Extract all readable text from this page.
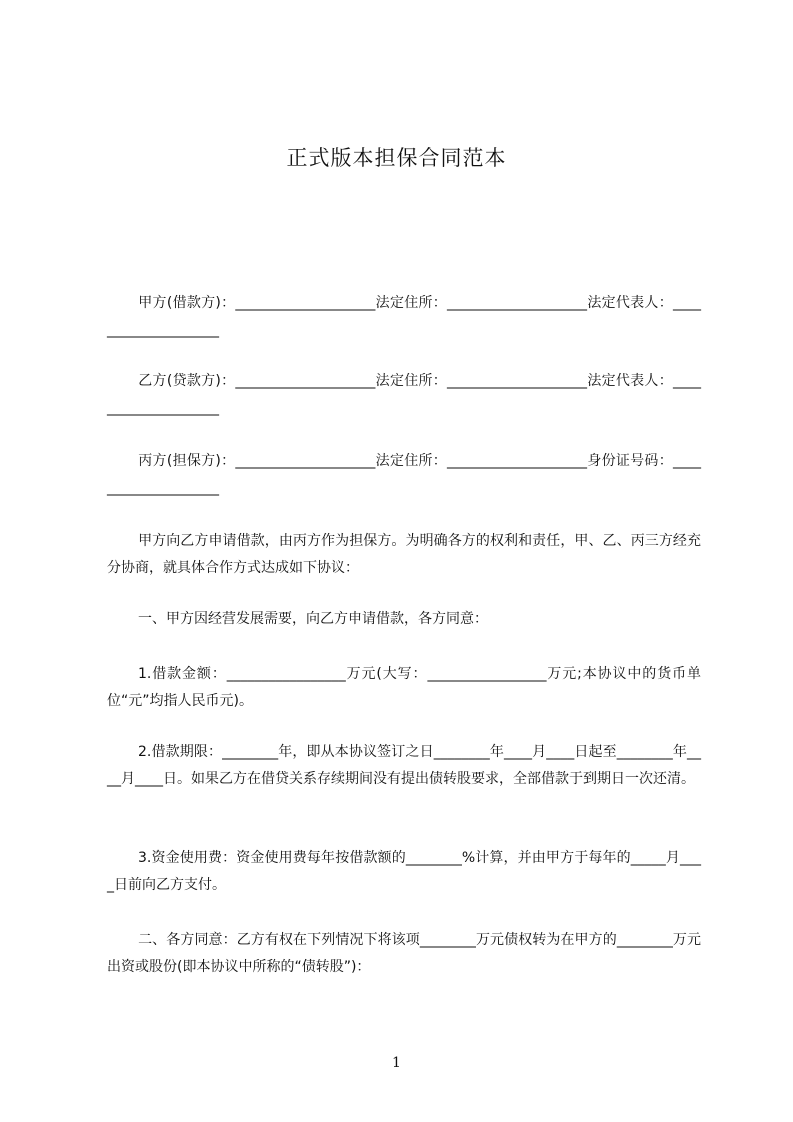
正式版本担保合同范本

甲方(借款方)：____________________法定住所：____________________法定代表人：____________________

乙方(贷款方)：____________________法定住所：____________________法定代表人：____________________

丙方(担保方)：____________________法定住所：____________________身份证号码：____________________

甲方向乙方申请借款，由丙方作为担保方。为明确各方的权利和责任，甲、乙、丙三方经充分协商，就具体合作方式达成如下协议：

一、甲方因经营发展需要，向乙方申请借款，各方同意：

1.借款金额：_________________万元(大写：_________________万元;本协议中的货币单位“元”均指人民币元)。

2.借款期限：________年，即从本协议签订之日________年____月____日起至________年____月____日。如果乙方在借贷关系存续期间没有提出债转股要求，全部借款于到期日一次还清。

3.资金使用费：资金使用费每年按借款额的________%计算，并由甲方于每年的_____月____日前向乙方支付。

二、各方同意：乙方有权在下列情况下将该项________万元债权转为在甲方的________万元出资或股份(即本协议中所称的“债转股”)：

1
